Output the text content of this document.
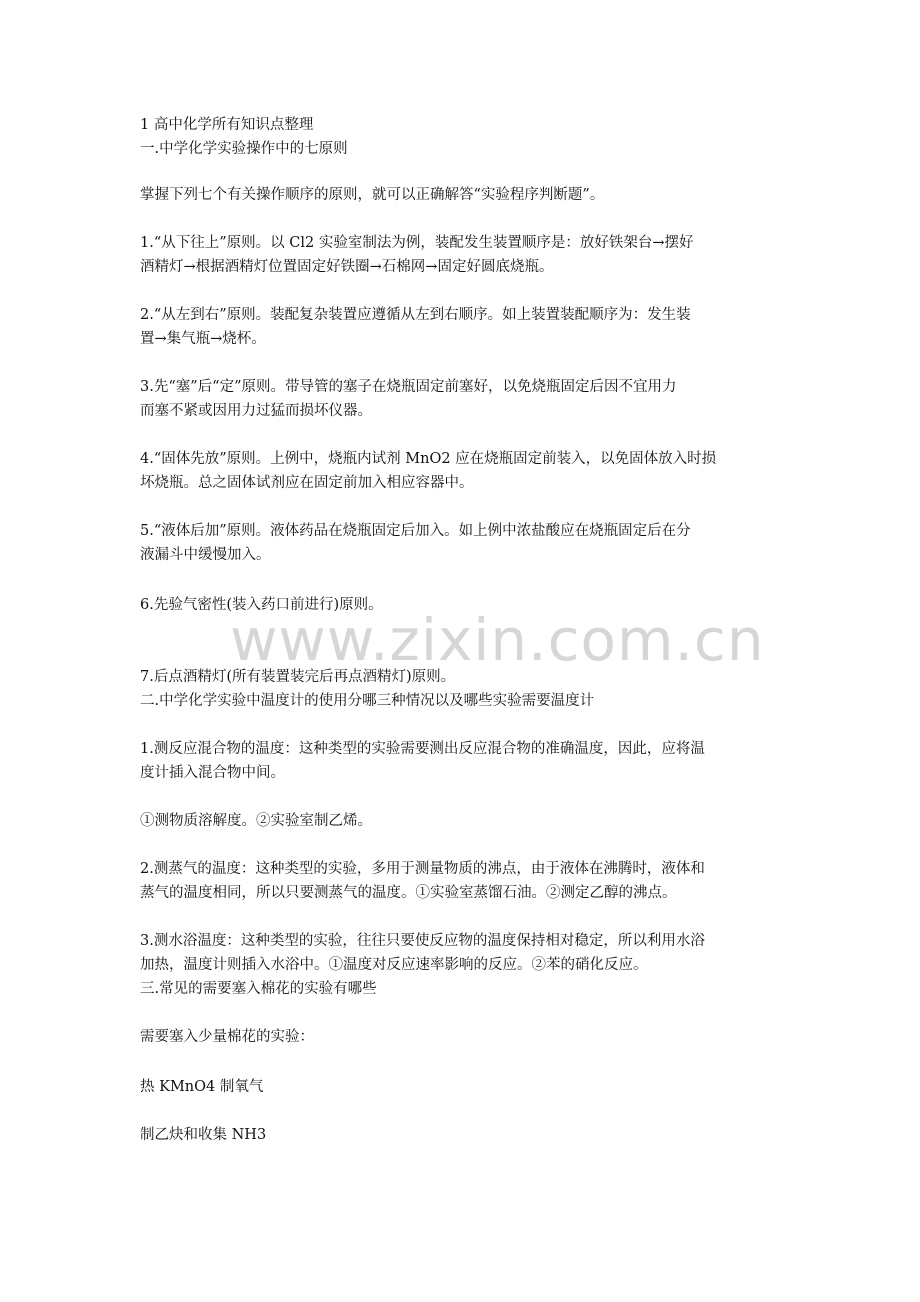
www.zixin.com.cn
1 高中化学所有知识点整理
一.中学化学实验操作中的七原则
掌握下列七个有关操作顺序的原则，就可以正确解答“实验程序判断题”。
1.“从下往上”原则。以 Cl2 实验室制法为例，装配发生装置顺序是：放好铁架台→摆好
酒精灯→根据酒精灯位置固定好铁圈→石棉网→固定好圆底烧瓶。
2.“从左到右”原则。装配复杂装置应遵循从左到右顺序。如上装置装配顺序为：发生装
置→集气瓶→烧杯。
3.先“塞”后“定”原则。带导管的塞子在烧瓶固定前塞好，以免烧瓶固定后因不宜用力
而塞不紧或因用力过猛而损坏仪器。
4.“固体先放”原则。上例中，烧瓶内试剂 MnO2 应在烧瓶固定前装入，以免固体放入时损
坏烧瓶。总之固体试剂应在固定前加入相应容器中。
5.“液体后加”原则。液体药品在烧瓶固定后加入。如上例中浓盐酸应在烧瓶固定后在分
液漏斗中缓慢加入。
6.先验气密性(装入药口前进行)原则。
7.后点酒精灯(所有装置装完后再点酒精灯)原则。
二.中学化学实验中温度计的使用分哪三种情况以及哪些实验需要温度计
1.测反应混合物的温度：这种类型的实验需要测出反应混合物的准确温度，因此，应将温
度计插入混合物中间。
①测物质溶解度。②实验室制乙烯。
2.测蒸气的温度：这种类型的实验，多用于测量物质的沸点，由于液体在沸腾时，液体和
蒸气的温度相同，所以只要测蒸气的温度。①实验室蒸馏石油。②测定乙醇的沸点。
3.测水浴温度：这种类型的实验，往往只要使反应物的温度保持相对稳定，所以利用水浴
加热，温度计则插入水浴中。①温度对反应速率影响的反应。②苯的硝化反应。
三.常见的需要塞入棉花的实验有哪些
需要塞入少量棉花的实验：
热 KMnO4 制氧气
制乙炔和收集 NH3
